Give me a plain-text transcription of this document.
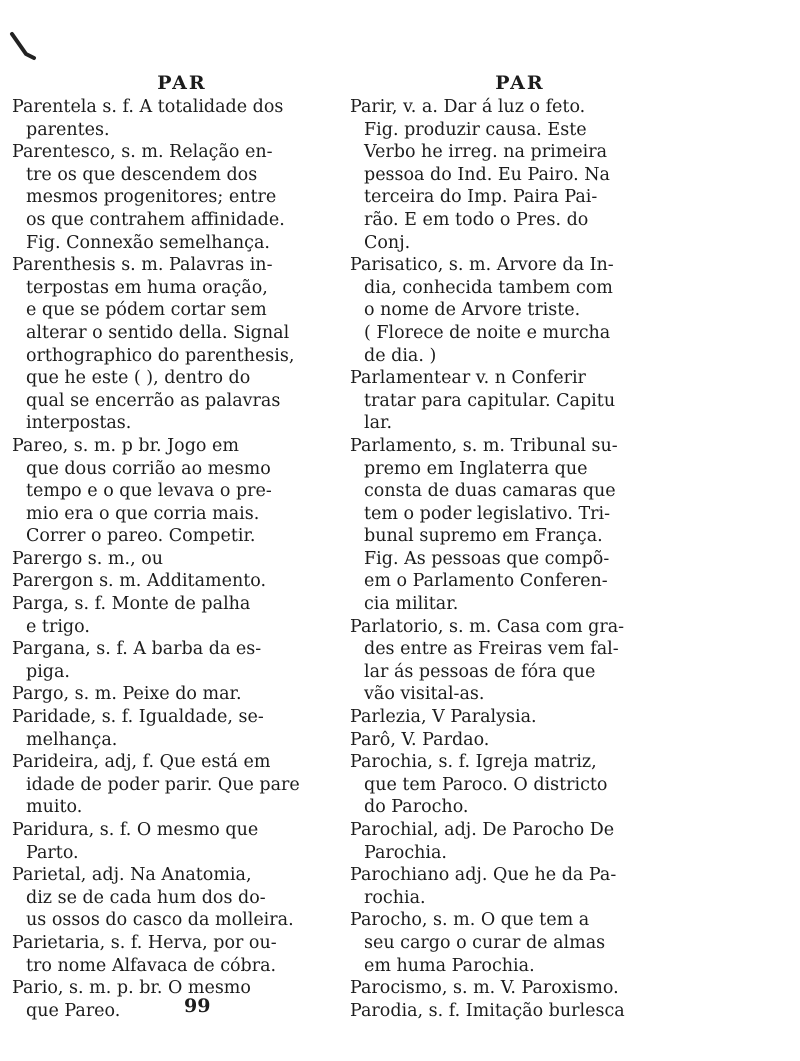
PAR
Parentela s. f. A totalidade dos
parentes.
Parentesco, s. m. Relação en-
tre os que descendem dos
mesmos progenitores; entre
os que contrahem affinidade.
Fig. Connexão semelhança.
Parenthesis s. m. Palavras in-
terpostas em huma oração,
e que se pódem cortar sem
alterar o sentido della. Signal
orthographico do parenthesis,
que he este ( ), dentro do
qual se encerrão as palavras
interpostas.
Pareo, s. m. p br. Jogo em
que dous corrião ao mesmo
tempo e o que levava o pre-
mio era o que corria mais.
Correr o pareo. Competir.
Parergo s. m., ou
Parergon s. m. Additamento.
Parga, s. f. Monte de palha
e trigo.
Pargana, s. f. A barba da es-
piga.
Pargo, s. m. Peixe do mar.
Paridade, s. f. Igualdade, se-
melhança.
Parideira, adj, f. Que está em
idade de poder parir. Que pare
muito.
Paridura, s. f. O mesmo que
Parto.
Parietal, adj. Na Anatomia,
diz se de cada hum dos do-
us ossos do casco da molleira.
Parietaria, s. f. Herva, por ou-
tro nome Alfavaca de cóbra.
Pario, s. m. p. br. O mesmo
que Pareo.
PAR
Parir, v. a. Dar á luz o feto.
Fig. produzir causa. Este
Verbo he irreg. na primeira
pessoa do Ind. Eu Pairo. Na
terceira do Imp. Paira Pai-
rão. E em todo o Pres. do
Conj.
Parisatico, s. m. Arvore da In-
dia, conhecida tambem com
o nome de Arvore triste.
( Florece de noite e murcha
de dia. )
Parlamentear v. n Conferir
tratar para capitular. Capitu
lar.
Parlamento, s. m. Tribunal su-
premo em Inglaterra que
consta de duas camaras que
tem o poder legislativo. Tri-
bunal supremo em França.
Fig. As pessoas que compõ-
em o Parlamento Conferen-
cia militar.
Parlatorio, s. m. Casa com gra-
des entre as Freiras vem fal-
lar ás pessoas de fóra que
vão visital-as.
Parlezia, V Paralysia.
Parô, V. Pardao.
Parochia, s. f. Igreja matriz,
que tem Paroco. O districto
do Parocho.
Parochial, adj. De Parocho De
Parochia.
Parochiano adj. Que he da Pa-
rochia.
Parocho, s. m. O que tem a
seu cargo o curar de almas
em huma Parochia.
Parocismo, s. m. V. Paroxismo.
Parodia, s. f. Imitação burlesca
99
